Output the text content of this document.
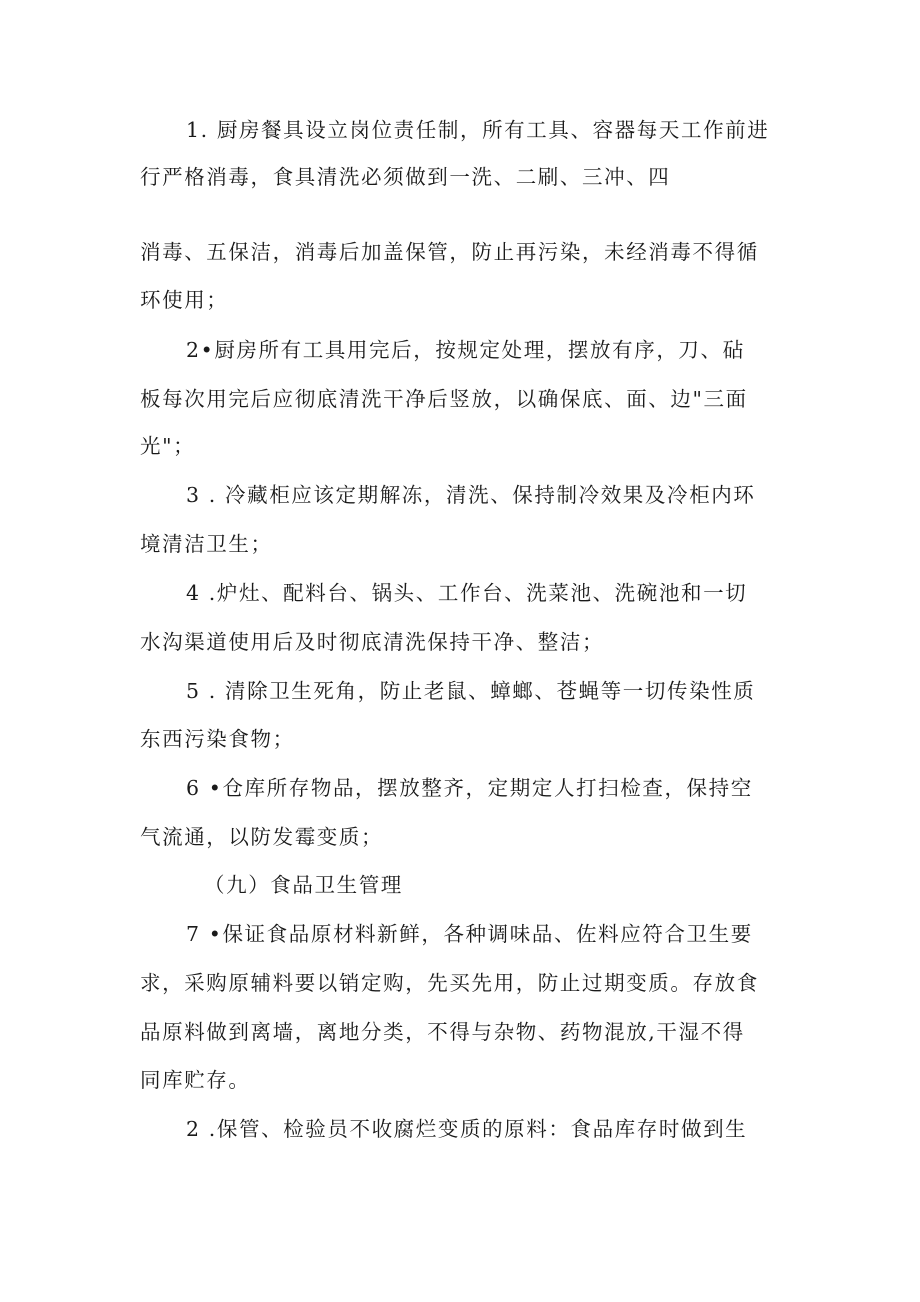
1. 厨房餐具设立岗位责任制，所有工具、容器每天工作前进
行严格消毒，食具清洗必须做到一洗、二刷、三冲、四
消毒、五保洁，消毒后加盖保管，防止再污染，未经消毒不得循
环使用；
2•厨房所有工具用完后，按规定处理，摆放有序，刀、砧
板每次用完后应彻底清洗干净后竖放，以确保底、面、边"三面
光"；
3 . 冷藏柜应该定期解冻，清洗、保持制冷效果及冷柜内环
境清洁卫生；
4 .炉灶、配料台、锅头、工作台、洗菜池、洗碗池和一切
水沟渠道使用后及时彻底清洗保持干净、整洁；
5 . 清除卫生死角，防止老鼠、蟑螂、苍蝇等一切传染性质
东西污染食物；
6 •仓库所存物品，摆放整齐，定期定人打扫检查，保持空
气流通，以防发霉变质；
（九）食品卫生管理
7 •保证食品原材料新鲜，各种调味品、佐料应符合卫生要
求，采购原辅料要以销定购，先买先用，防止过期变质。存放食
品原料做到离墙，离地分类，不得与杂物、药物混放,干湿不得
同库贮存。
2 .保管、检验员不收腐烂变质的原料：食品库存时做到生
